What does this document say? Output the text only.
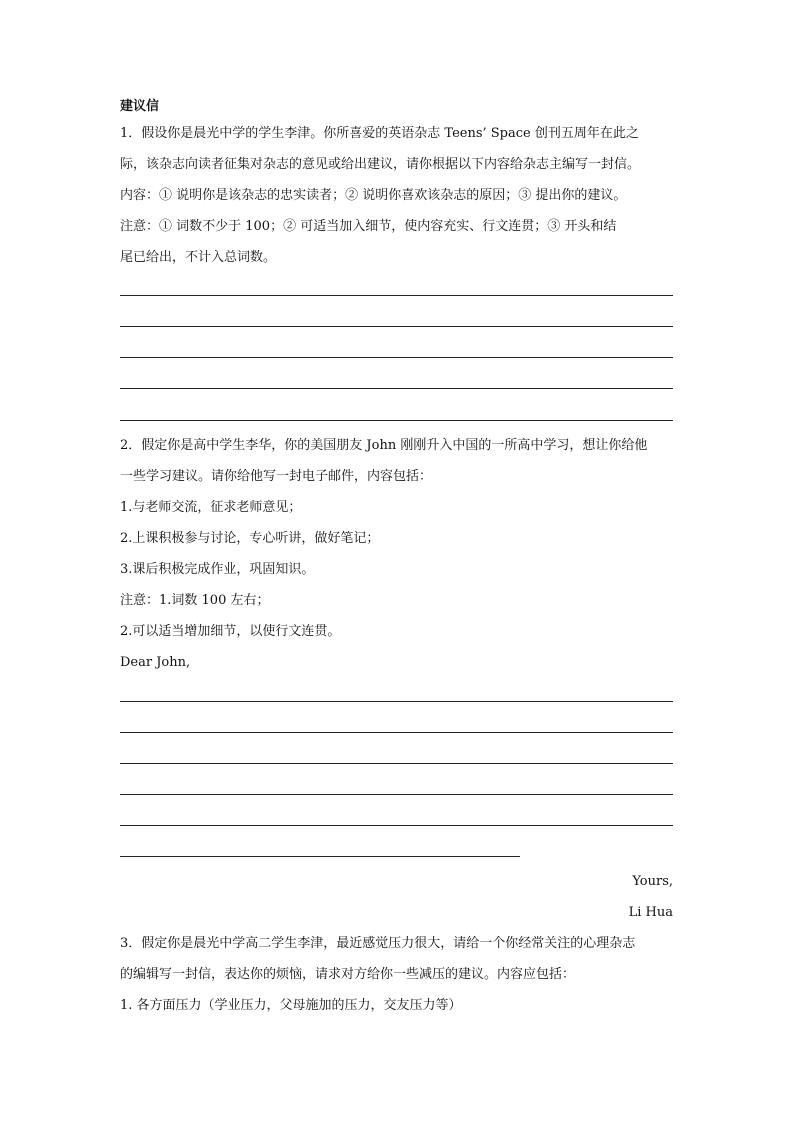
建议信
1．假设你是晨光中学的学生李津。你所喜爱的英语杂志 Teens’ Space 创刊五周年在此之
际，该杂志向读者征集对杂志的意见或给出建议，请你根据以下内容给杂志主编写一封信。
内容：① 说明你是该杂志的忠实读者；② 说明你喜欢该杂志的原因；③ 提出你的建议。
注意：① 词数不少于 100；② 可适当加入细节，使内容充实、行文连贯；③ 开头和结
尾已给出，不计入总词数。
2．假定你是高中学生李华，你的美国朋友 John 刚刚升入中国的一所高中学习，想让你给他
一些学习建议。请你给他写一封电子邮件，内容包括：
1.与老师交流，征求老师意见；
2.上课积极参与讨论，专心听讲，做好笔记；
3.课后积极完成作业，巩固知识。
注意：1.词数 100 左右；
2.可以适当增加细节，以使行文连贯。
Dear John,
Yours,
Li Hua
3．假定你是晨光中学高二学生李津，最近感觉压力很大，请给一个你经常关注的心理杂志
的编辑写一封信，表达你的烦恼，请求对方给你一些减压的建议。内容应包括：
1. 各方面压力（学业压力，父母施加的压力，交友压力等）
